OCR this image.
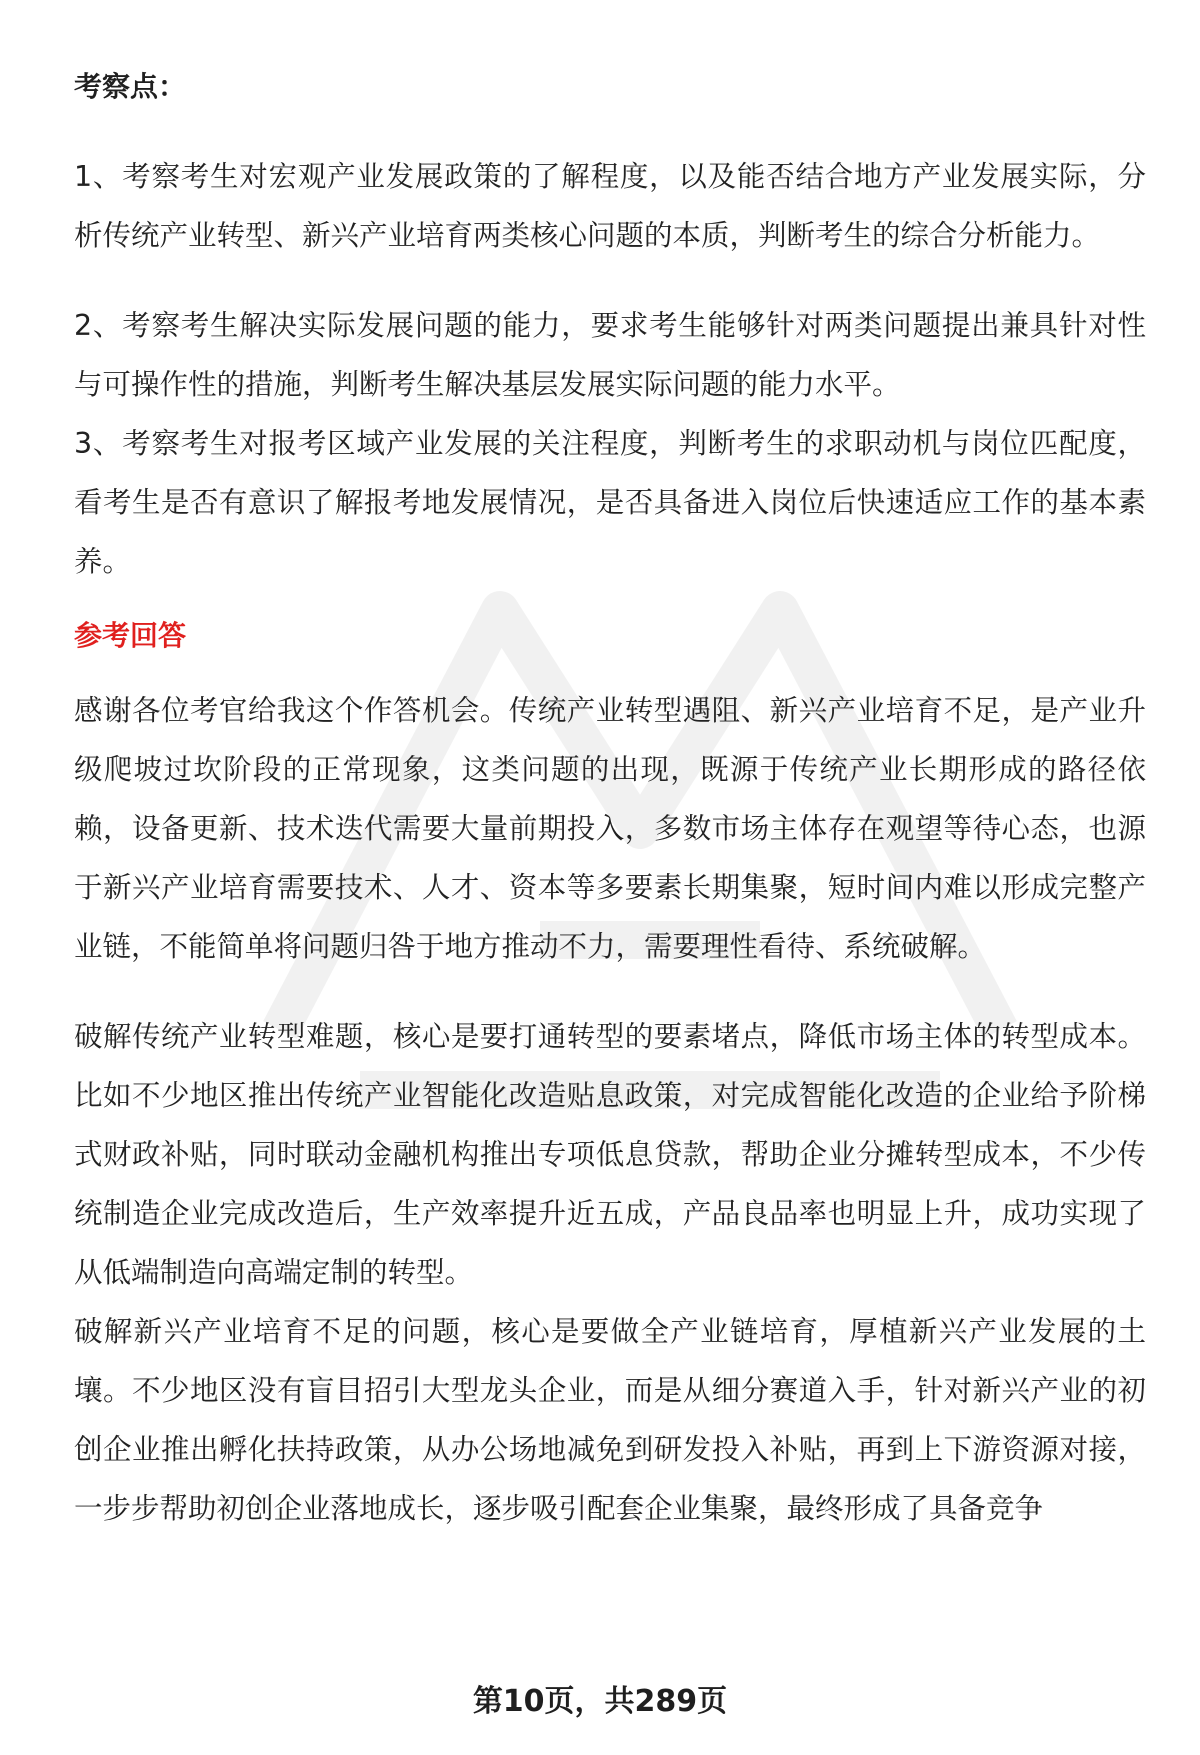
考察点：

1、考察考生对宏观产业发展政策的了解程度，以及能否结合地方产业发展实际，分析传统产业转型、新兴产业培育两类核心问题的本质，判断考生的综合分析能力。

2、考察考生解决实际发展问题的能力，要求考生能够针对两类问题提出兼具针对性与可操作性的措施，判断考生解决基层发展实际问题的能力水平。

3、考察考生对报考区域产业发展的关注程度，判断考生的求职动机与岗位匹配度，看考生是否有意识了解报考地发展情况，是否具备进入岗位后快速适应工作的基本素养。

参考回答

感谢各位考官给我这个作答机会。传统产业转型遇阻、新兴产业培育不足，是产业升级爬坡过坎阶段的正常现象，这类问题的出现，既源于传统产业长期形成的路径依赖，设备更新、技术迭代需要大量前期投入，多数市场主体存在观望等待心态，也源于新兴产业培育需要技术、人才、资本等多要素长期集聚，短时间内难以形成完整产业链，不能简单将问题归咎于地方推动不力，需要理性看待、系统破解。

破解传统产业转型难题，核心是要打通转型的要素堵点，降低市场主体的转型成本。比如不少地区推出传统产业智能化改造贴息政策，对完成智能化改造的企业给予阶梯式财政补贴，同时联动金融机构推出专项低息贷款，帮助企业分摊转型成本，不少传统制造企业完成改造后，生产效率提升近五成，产品良品率也明显上升，成功实现了从低端制造向高端定制的转型。

破解新兴产业培育不足的问题，核心是要做全产业链培育，厚植新兴产业发展的土壤。不少地区没有盲目招引大型龙头企业，而是从细分赛道入手，针对新兴产业的初创企业推出孵化扶持政策，从办公场地减免到研发投入补贴，再到上下游资源对接，一步步帮助初创企业落地成长，逐步吸引配套企业集聚，最终形成了具备竞争

第10页，共289页
